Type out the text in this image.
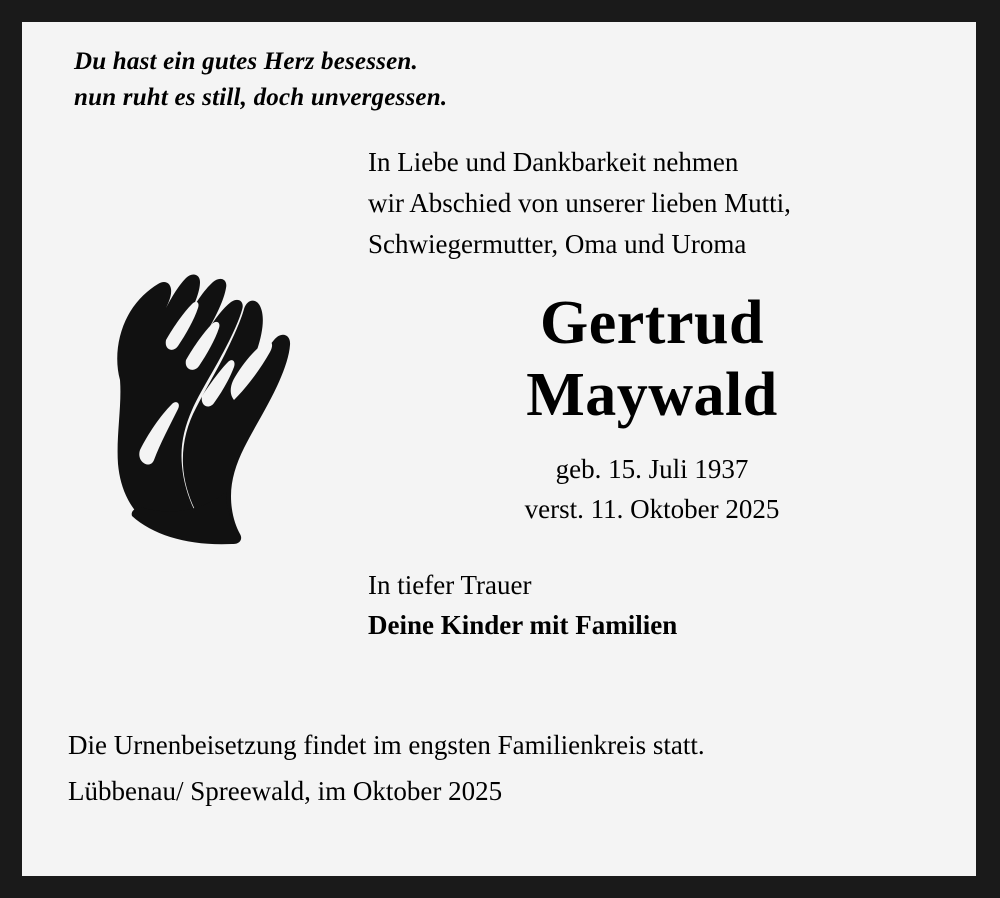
Du hast ein gutes Herz besessen.
nun ruht es still, doch unvergessen.
In Liebe und Dankbarkeit nehmen
wir Abschied von unserer lieben Mutti,
Schwiegermutter, Oma und Uroma
Gertrud
Maywald
geb. 15. Juli 1937
verst. 11. Oktober 2025
In tiefer Trauer
Deine Kinder mit Familien
Die Urnenbeisetzung findet im engsten Familienkreis statt.
Lübbenau/ Spreewald, im Oktober 2025
